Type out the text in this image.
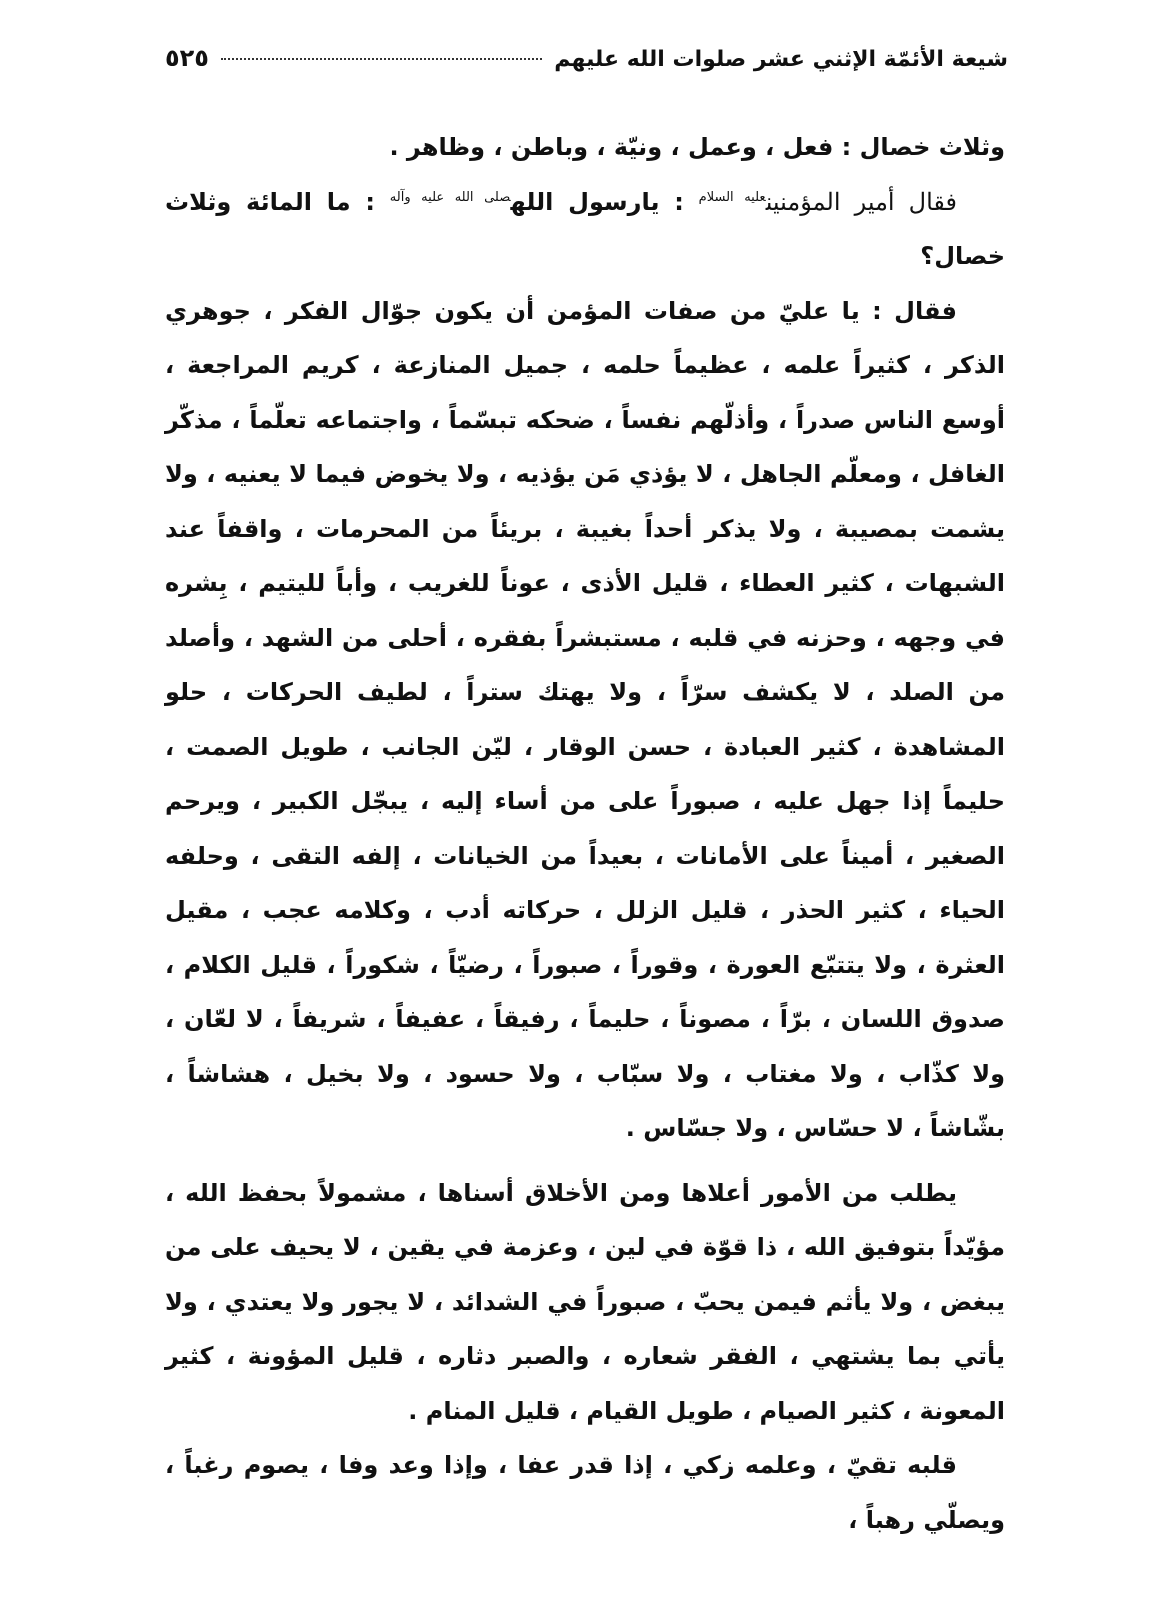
شيعة الأئمّة الإثني عشر صلوات الله عليهم
٥٢٥

وثلاث خصال : فعل ، وعمل ، ونيّة ، وباطن ، وظاهر .

فقال أمير المؤمنين$^{عليه السلام}$ : يارسول الله$^{صلى الله عليه وآله}$ : ما المائة وثلاث خصال؟

فقال : يا عليّ من صفات المؤمن أن يكون جوّال الفكر ، جوهري الذكر ، كثيراً علمه ، عظيماً حلمه ، جميل المنازعة ، كريم المراجعة ، أوسع الناس صدراً ، وأذلّهم نفساً ، ضحكه تبسّماً ، واجتماعه تعلّماً ، مذكّر الغافل ، ومعلّم الجاهل ، لا يؤذي مَن يؤذيه ، ولا يخوض فيما لا يعنيه ، ولا يشمت بمصيبة ، ولا يذكر أحداً بغيبة ، بريئاً من المحرمات ، واقفاً عند الشبهات ، كثير العطاء ، قليل الأذى ، عوناً للغريب ، وأباً لليتيم ، بِشره في وجهه ، وحزنه في قلبه ، مستبشراً بفقره ، أحلى من الشهد ، وأصلد من الصلد ، لا يكشف سرّاً ، ولا يهتك ستراً ، لطيف الحركات ، حلو المشاهدة ، كثير العبادة ، حسن الوقار ، ليّن الجانب ، طويل الصمت ، حليماً إذا جهل عليه ، صبوراً على من أساء إليه ، يبجّل الكبير ، ويرحم الصغير ، أميناً على الأمانات ، بعيداً من الخيانات ، إلفه التقى ، وحلفه الحياء ، كثير الحذر ، قليل الزلل ، حركاته أدب ، وكلامه عجب ، مقيل العثرة ، ولا يتتبّع العورة ، وقوراً ، صبوراً ، رضيّاً ، شكوراً ، قليل الكلام ، صدوق اللسان ، برّاً ، مصوناً ، حليماً ، رفيقاً ، عفيفاً ، شريفاً ، لا لعّان ، ولا كذّاب ، ولا مغتاب ، ولا سبّاب ، ولا حسود ، ولا بخيل ، هشاشاً ، بشّاشاً ، لا حسّاس ، ولا جسّاس .

يطلب من الأمور أعلاها ومن الأخلاق أسناها ، مشمولاً بحفظ الله ، مؤيّداً بتوفيق الله ، ذا قوّة في لين ، وعزمة في يقين ، لا يحيف على من يبغض ، ولا يأثم فيمن يحبّ ، صبوراً في الشدائد ، لا يجور ولا يعتدي ، ولا يأتي بما يشتهي ، الفقر شعاره ، والصبر دثاره ، قليل المؤونة ، كثير المعونة ، كثير الصيام ، طويل القيام ، قليل المنام .

قلبه تقيّ ، وعلمه زكي ، إذا قدر عفا ، وإذا وعد وفا ، يصوم رغباً ، ويصلّي رهباً ،
